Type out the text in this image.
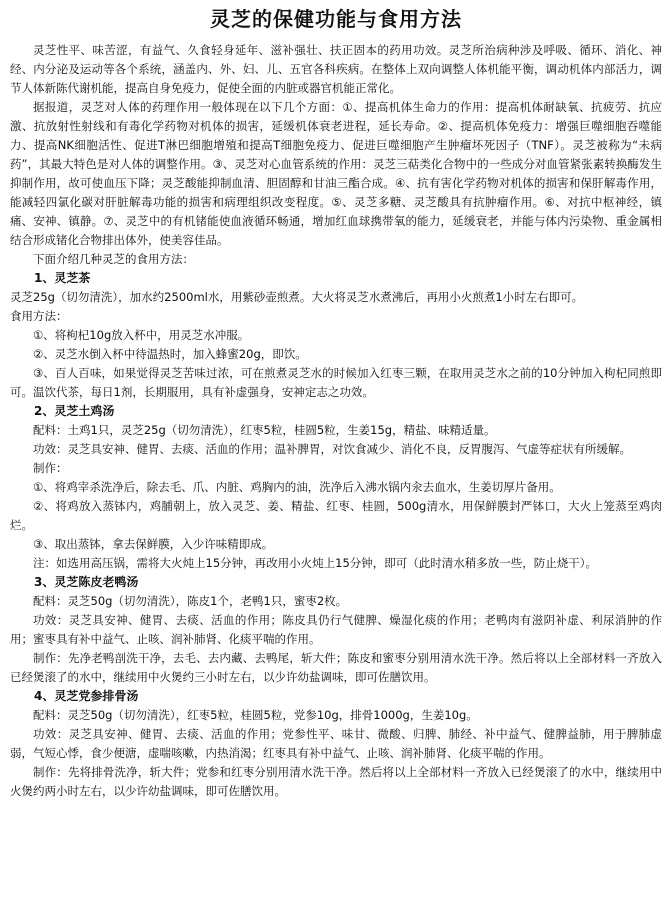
灵芝的保健功能与食用方法

灵芝性平、味苦涩，有益气、久食轻身延年、滋补强壮、扶正固本的药用功效。灵芝所治病种涉及呼吸、循环、消化、神经、内分泌及运动等各个系统，涵盖内、外、妇、儿、五官各科疾病。在整体上双向调整人体机能平衡，调动机体内部活力，调节人体新陈代谢机能，提高自身免疫力，促使全面的内脏或器官机能正常化。

据报道，灵芝对人体的药理作用一般体现在以下几个方面：①、提高机体生命力的作用：提高机体耐缺氧、抗疲劳、抗应激、抗放射性射线和有毒化学药物对机体的损害，延缓机体衰老进程，延长寿命。②、提高机体免疫力：增强巨噬细胞吞噬能力、提高NK细胞活性、促进T淋巴细胞增殖和提高T细胞免疫力、促进巨噬细胞产生肿瘤坏死因子（TNF）。灵芝被称为“未病药”，其最大特色是对人体的调整作用。③、灵芝对心血管系统的作用：灵芝三萜类化合物中的一些成分对血管紧张素转换酶发生抑制作用，故可使血压下降；灵芝酸能抑制血清、胆固醇和甘油三酯合成。④、抗有害化学药物对机体的损害和保肝解毒作用，能减轻四氯化碳对肝脏解毒功能的损害和病理组织改变程度。⑤、灵芝多糖、灵芝酸具有抗肿瘤作用。⑥、对抗中枢神经，镇痛、安神、镇静。⑦、灵芝中的有机锗能使血液循环畅通，增加红血球携带氧的能力，延缓衰老，并能与体内污染物、重金属相结合形成锗化合物排出体外，使美容佳品。

下面介绍几种灵芝的食用方法：

1、灵芝茶

灵芝25g（切勿清洗），加水约2500ml水，用紫砂壶煎煮。大火将灵芝水煮沸后，再用小火煎煮1小时左右即可。

食用方法：

①、将枸杞10g放入杯中，用灵芝水冲服。

②、灵芝水倒入杯中待温热时，加入蜂蜜20g，即饮。

③、百人百味，如果觉得灵芝苦味过浓，可在煎煮灵芝水的时候加入红枣三颗，在取用灵芝水之前的10分钟加入枸杞同煎即可。温饮代茶，每日1剂，长期服用，具有补虚强身，安神定志之功效。

2、灵芝土鸡汤

配料：土鸡1只，灵芝25g（切勿清洗），红枣5粒，桂圆5粒，生姜15g，精盐、味精适量。

功效：灵芝具安神、健胃、去痰、活血的作用；温补脾胃，对饮食减少、消化不良，反胃腹泻、气虚等症状有所缓解。

制作：

①、将鸡宰杀洗净后，除去毛、爪、内脏、鸡胸内的油，洗净后入沸水锅内汆去血水，生姜切厚片备用。

②、将鸡放入蒸钵内，鸡脯朝上，放入灵芝、姜、精盐、红枣、桂圆，500g清水，用保鲜膜封严钵口，大火上笼蒸至鸡肉烂。

③、取出蒸钵，拿去保鲜膜，入少许味精即成。

注：如选用高压锅，需将大火炖上15分钟，再改用小火炖上15分钟，即可（此时清水稍多放一些，防止烧干）。

3、灵芝陈皮老鸭汤

配料：灵芝50g（切勿清洗），陈皮1个，老鸭1只，蜜枣2枚。

功效：灵芝具安神、健胃、去痰、活血的作用；陈皮具仍行气健脾、燥湿化痰的作用；老鸭肉有滋阴补虚、利尿消肿的作用；蜜枣具有补中益气、止咳、润补肺肾、化痰平喘的作用。

制作：先净老鸭剖洗干净，去毛、去内藏、去鸭尾，斩大件；陈皮和蜜枣分别用清水洗干净。然后将以上全部材料一齐放入已经煲滚了的水中，继续用中火煲约三小时左右，以少许幼盐调味，即可佐膳饮用。

4、灵芝党参排骨汤

配料：灵芝50g（切勿清洗），红枣5粒，桂圆5粒，党参10g，排骨1000g，生姜10g。

功效：灵芝具安神、健胃、去痰、活血的作用；党参性平、味甘、微酸、归脾、肺经、补中益气、健脾益肺，用于脾肺虚弱，气短心悸，食少便溏，虚喘咳嗽，内热消渴；红枣具有补中益气、止咳、润补肺肾、化痰平喘的作用。

制作：先将排骨洗净，斩大件；党参和红枣分别用清水洗干净。然后将以上全部材料一齐放入已经煲滚了的水中，继续用中火煲约两小时左右，以少许幼盐调味，即可佐膳饮用。
